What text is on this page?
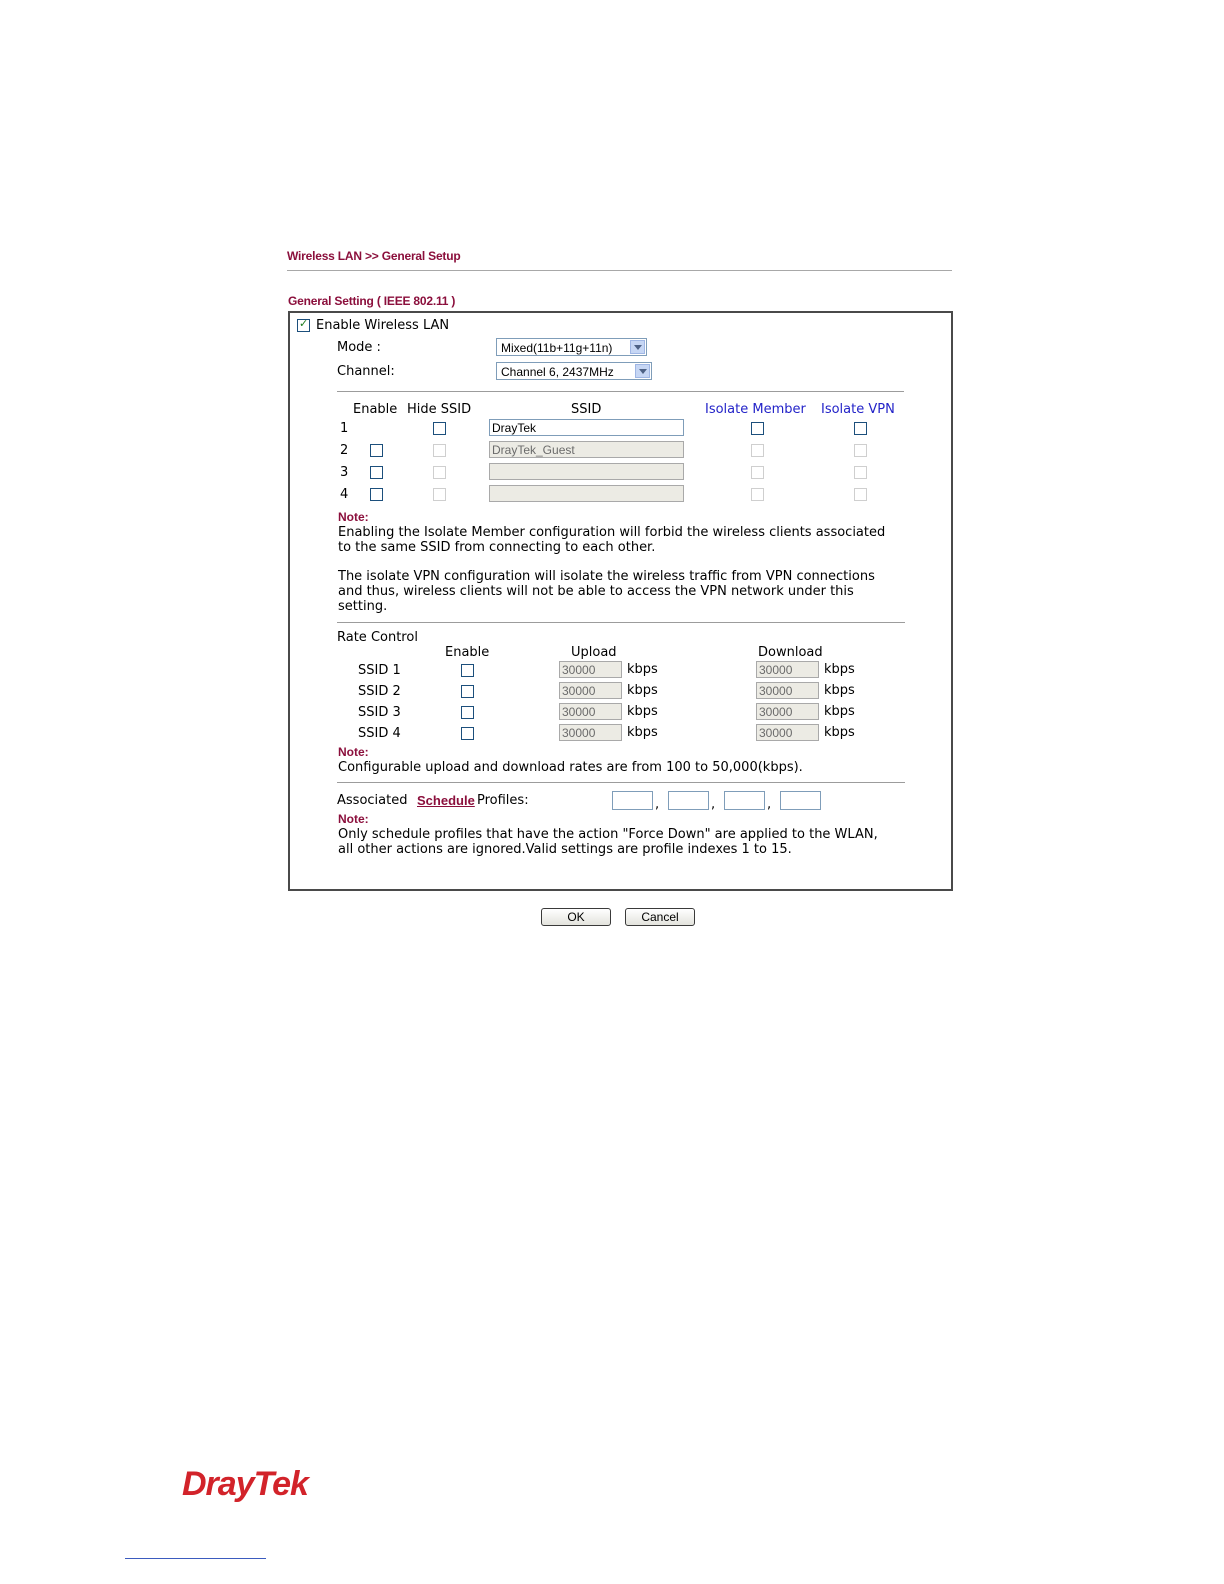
Wireless LAN >> General Setup
General Setting ( IEEE 802.11 )
✓
Enable Wireless LAN
Mode :	Mixed(11b+11g+11n)
Channel:	Channel 6, 2437MHz
Enable Hide SSID	SSID	Isolate Member Isolate VPN
1	DrayTek
2	DrayTek_Guest
3
4
Note:
Enabling the Isolate Member configuration will forbid the wireless clients associated
to the same SSID from connecting to each other.
The isolate VPN configuration will isolate the wireless traffic from VPN connections
and thus, wireless clients will not be able to access the VPN network under this
setting.
Rate Control
Enable	Upload	Download
SSID 1	30000	kbps	30000	kbps
SSID 2	30000	kbps	30000	kbps
SSID 3	30000	kbps	30000	kbps
SSID 4	30000	kbps	30000	kbps
Note:
Configurable upload and download rates are from 100 to 50,000(kbps).
Associated Schedule Profiles:	,	,	,
Note:
Only schedule profiles that have the action "Force Down" are applied to the WLAN,
all other actions are ignored.Valid settings are profile indexes 1 to 15.
OK	Cancel
DrayTek
